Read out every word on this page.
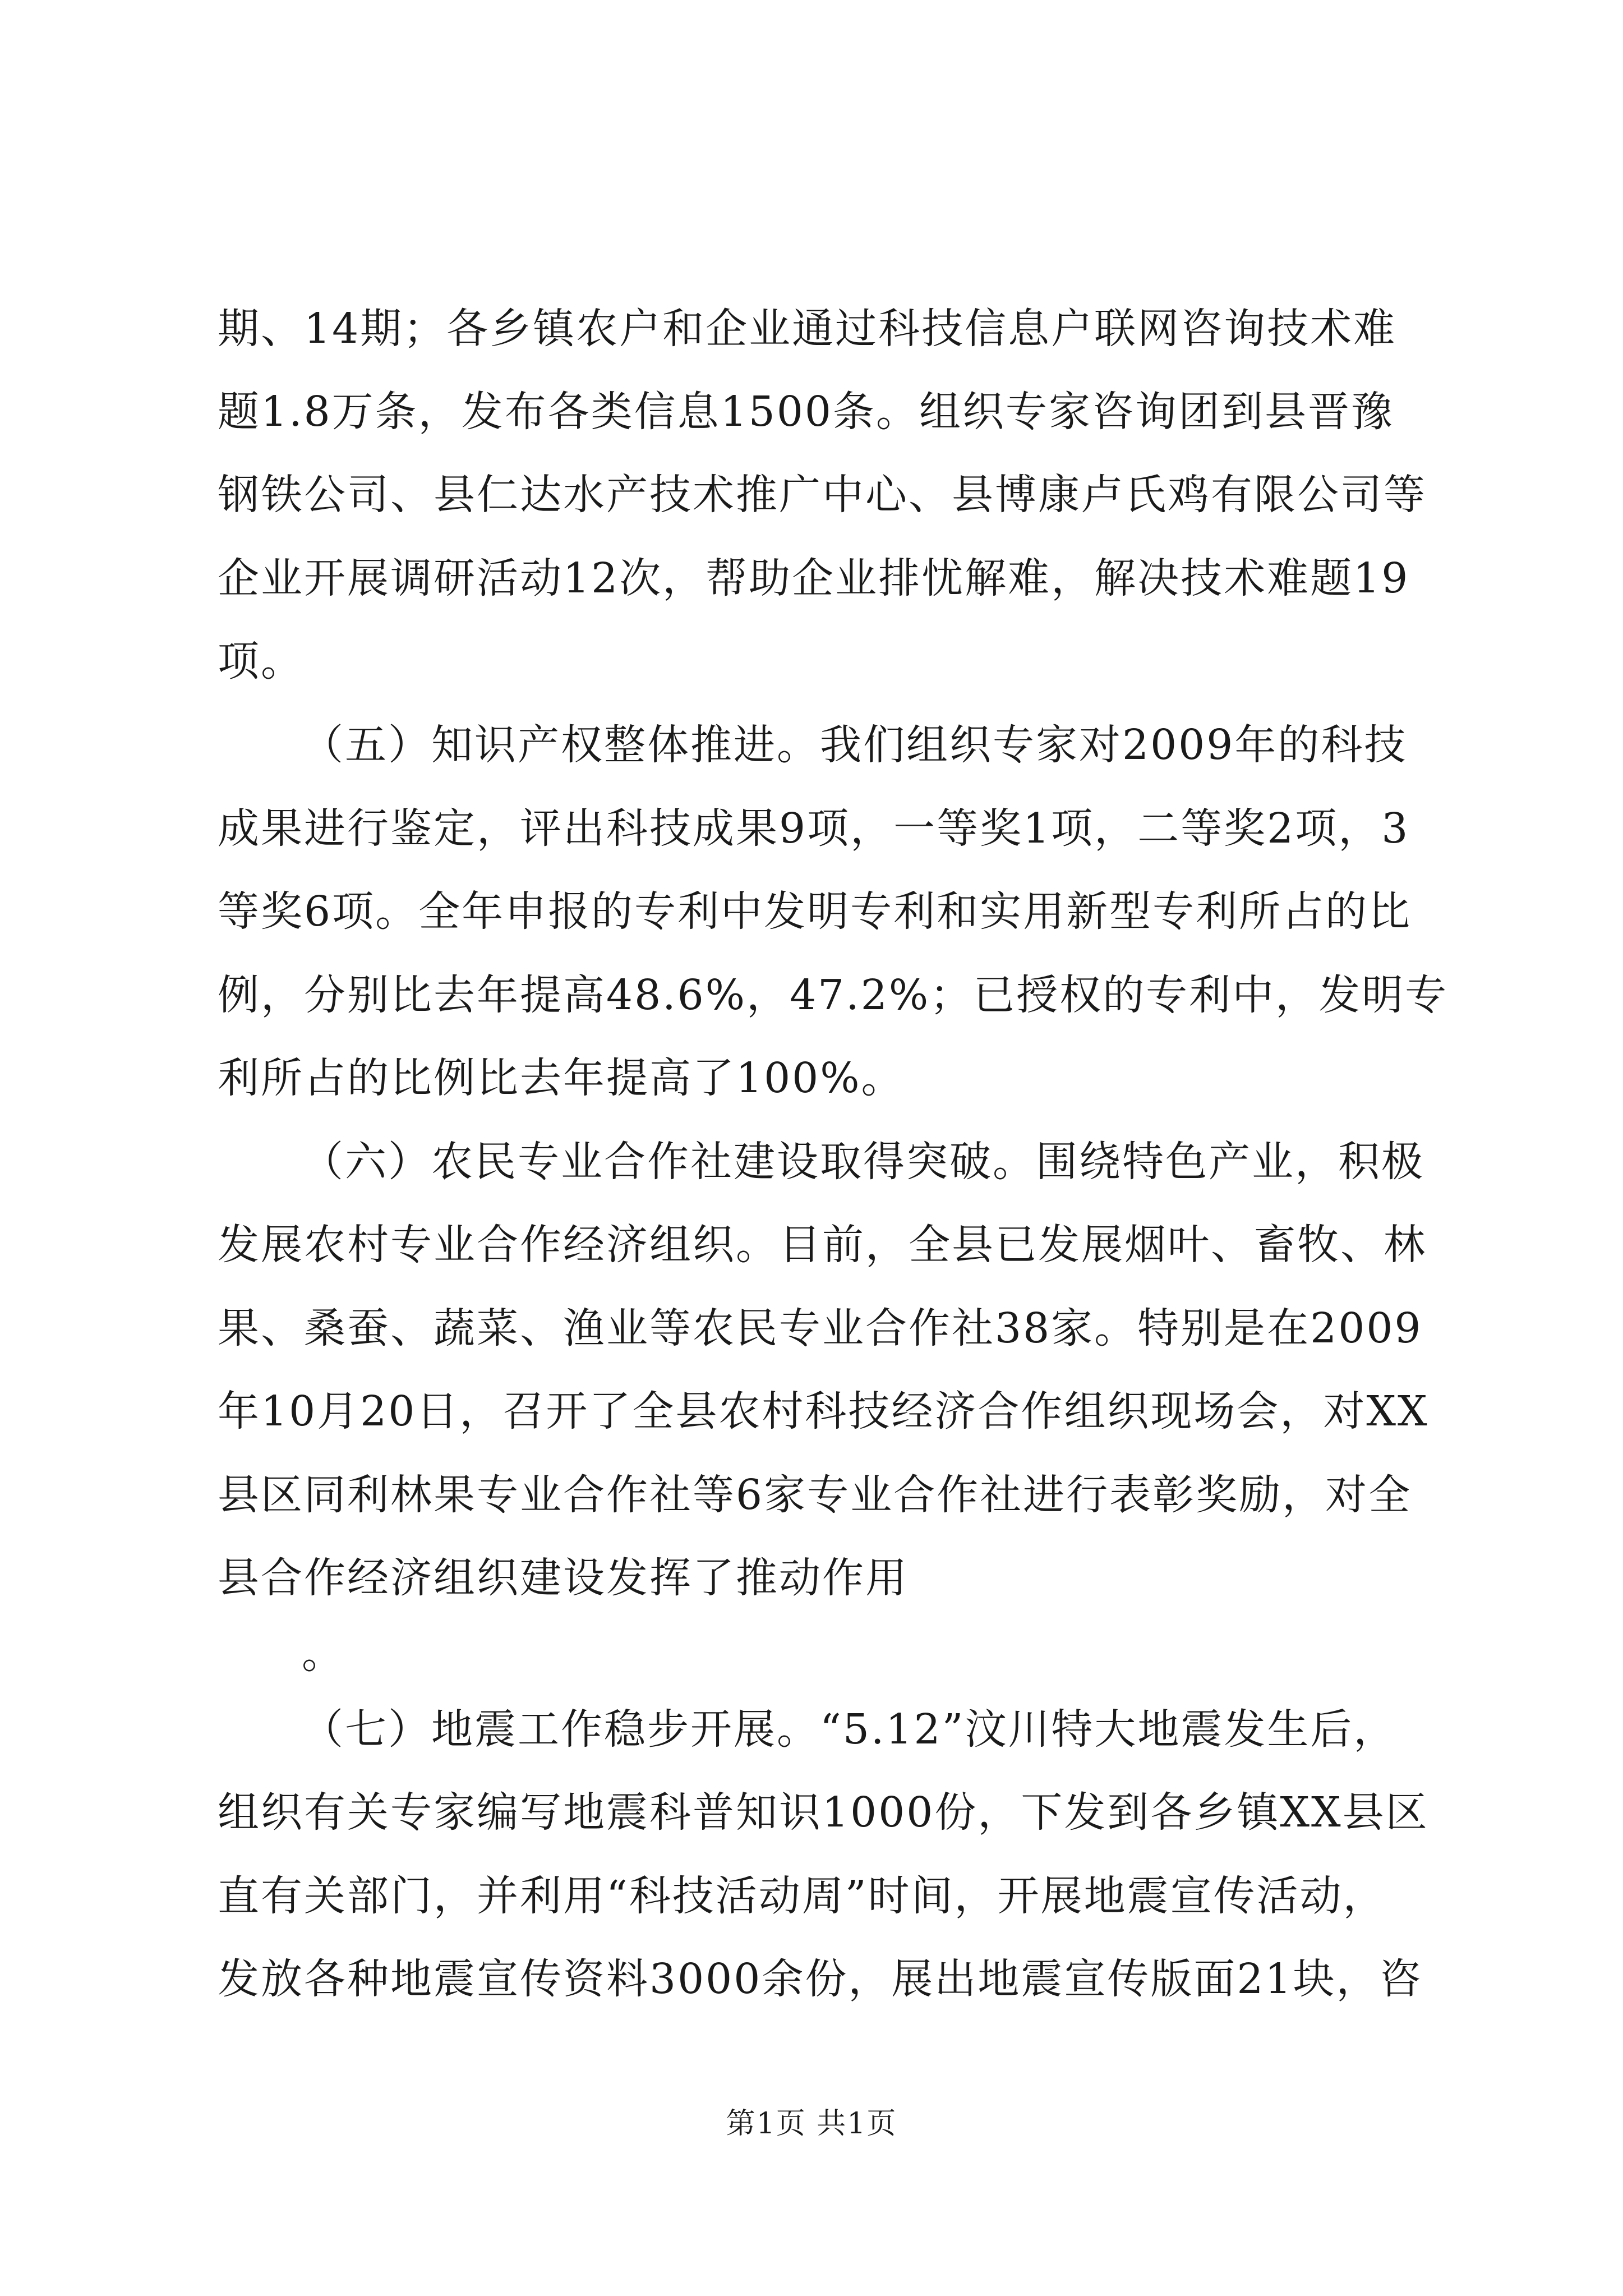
期、14期；各乡镇农户和企业通过科技信息户联网咨询技术难
题1.8万条，发布各类信息1500条。组织专家咨询团到县晋豫
钢铁公司、县仁达水产技术推广中心、县博康卢氏鸡有限公司等
企业开展调研活动12次，帮助企业排忧解难，解决技术难题19
项。
（五）知识产权整体推进。我们组织专家对2009年的科技
成果进行鉴定，评出科技成果9项，一等奖1项，二等奖2项，3
等奖6项。全年申报的专利中发明专利和实用新型专利所占的比
例，分别比去年提高48.6%，47.2%；已授权的专利中，发明专
利所占的比例比去年提高了100%。
（六）农民专业合作社建设取得突破。围绕特色产业，积极
发展农村专业合作经济组织。目前，全县已发展烟叶、畜牧、林
果、桑蚕、蔬菜、渔业等农民专业合作社38家。特别是在2009
年10月20日，召开了全县农村科技经济合作组织现场会，对XX
县区同利林果专业合作社等6家专业合作社进行表彰奖励，对全
县合作经济组织建设发挥了推动作用
。
（七）地震工作稳步开展。“5.12”汶川特大地震发生后，
组织有关专家编写地震科普知识1000份，下发到各乡镇XX县区
直有关部门，并利用“科技活动周”时间，开展地震宣传活动，
发放各种地震宣传资料3000余份，展出地震宣传版面21块，咨
第1页 共1页
